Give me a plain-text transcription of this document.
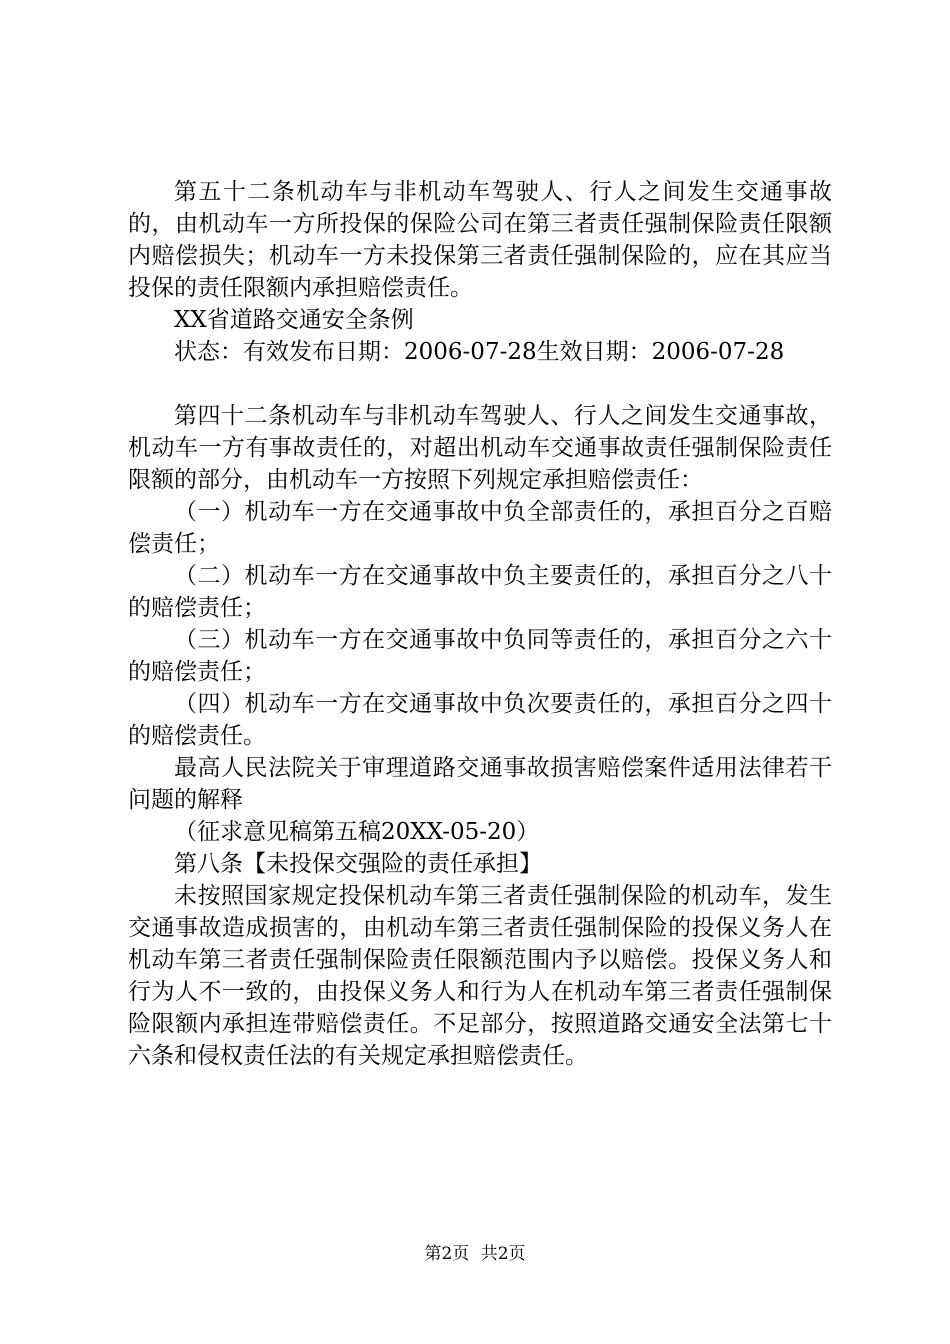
第五十二条机动车与非机动车驾驶人、行人之间发生交通事故的，由机动车一方所投保的保险公司在第三者责任强制保险责任限额内赔偿损失；机动车一方未投保第三者责任强制保险的，应在其应当投保的责任限额内承担赔偿责任。

XX省道路交通安全条例

状态：有效发布日期：2006-07-28生效日期：2006-07-28

第四十二条机动车与非机动车驾驶人、行人之间发生交通事故，机动车一方有事故责任的，对超出机动车交通事故责任强制保险责任限额的部分，由机动车一方按照下列规定承担赔偿责任：

（一）机动车一方在交通事故中负全部责任的，承担百分之百赔偿责任；

（二）机动车一方在交通事故中负主要责任的，承担百分之八十的赔偿责任；

（三）机动车一方在交通事故中负同等责任的，承担百分之六十的赔偿责任；

（四）机动车一方在交通事故中负次要责任的，承担百分之四十的赔偿责任。

最高人民法院关于审理道路交通事故损害赔偿案件适用法律若干问题的解释

（征求意见稿第五稿20XX-05-20）

第八条【未投保交强险的责任承担】

未按照国家规定投保机动车第三者责任强制保险的机动车，发生交通事故造成损害的，由机动车第三者责任强制保险的投保义务人在机动车第三者责任强制保险责任限额范围内予以赔偿。投保义务人和行为人不一致的，由投保义务人和行为人在机动车第三者责任强制保险限额内承担连带赔偿责任。不足部分，按照道路交通安全法第七十六条和侵权责任法的有关规定承担赔偿责任。

第2页 共2页
